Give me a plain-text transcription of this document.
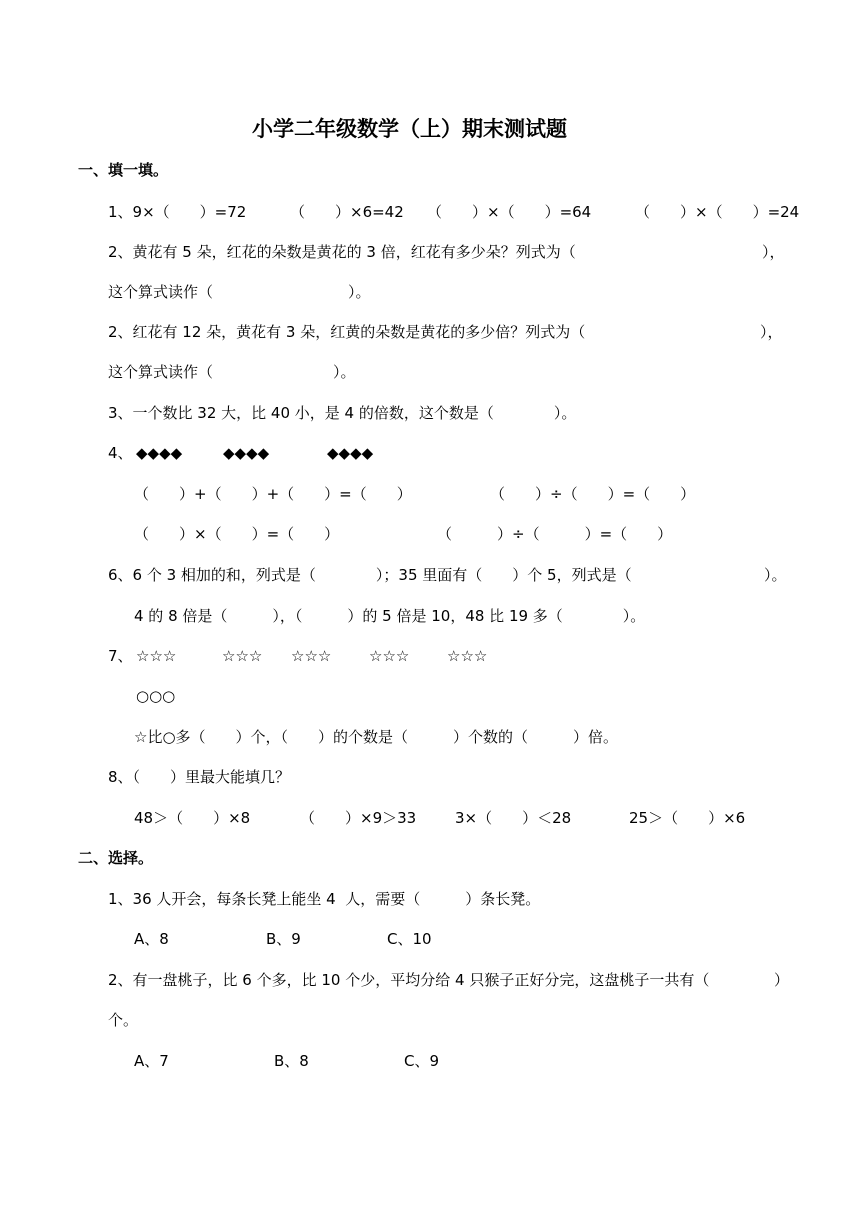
小学二年级数学（上）期末测试题
一、填一填。
1、9×（　　）=72	（　　）×6=42 （　　）×（　　）=64	（　　）×（　　）=24
2、黄花有 5 朵，红花的朵数是黄花的 3 倍，红花有多少朵？列式为（	），
这个算式读作（　　　　　　　　　）。
2、红花有 12 朵，黄花有 3 朵，红黄的朵数是黄花的多少倍？列式为（	），
这个算式读作（　　　　　　　　）。
3、一个数比 32 大，比 40 小，是 4 的倍数，这个数是（　　　　）。
4、 ◆◆◆◆	◆◆◆◆	◆◆◆◆
（　　）+（　　）+（　　）=（　　）	（　　）÷（　　）=（　　）
（　　）×（　　）=（　　）	（　　　）÷（　　　）=（　　）
6、6 个 3 相加的和，列式是（　　　　）；35 里面有（　　）个 5，列式是（	）。
4 的 8 倍是（　　　），（　　　）的 5 倍是 10，48 比 19 多（　　　　）。
7、 ☆☆☆	☆☆☆ ☆☆☆	☆☆☆	☆☆☆
○○○
☆比○多（　　）个，（　　）的个数是（　　　）个数的（　　　）倍。
8、（　　）里最大能填几？
48＞（　　）×8	（　　）×9＞33	3×（　　）＜28	25＞（　　）×6
二、选择。
1、36 人开会，每条长凳上能坐 4  人，需要（　　　）条长凳。
A、8	B、9	C、10
2、有一盘桃子，比 6 个多，比 10 个少，平均分给 4 只猴子正好分完，这盘桃子一共有（	）
个。
A、7	B、8	C、9
